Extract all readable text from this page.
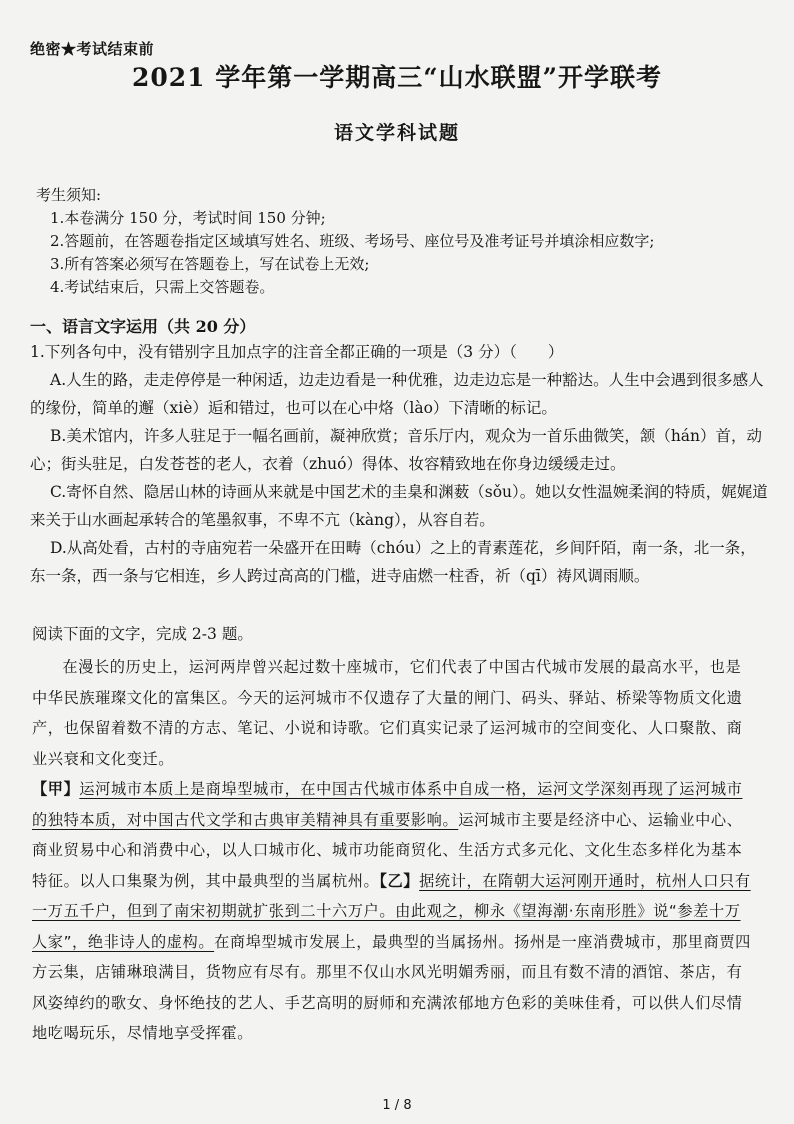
绝密★考试结束前
2021 学年第一学期高三“山水联盟”开学联考
语文学科试题
考生须知:
1.本卷满分 150 分，考试时间 150 分钟;
2.答题前，在答题卷指定区域填写姓名、班级、考场号、座位号及准考证号并填涂相应数字;
3.所有答案必须写在答题卷上，写在试卷上无效;
4.考试结束后，只需上交答题卷。
一、语言文字运用（共 20 分）
1.下列各句中，没有错别字且加点字的注音全都正确的一项是（3 分）（　　）
A.人生的路，走走停停是一种闲适，边走边看是一种优雅，边走边忘是一种豁达。人生中会遇到很多感人的缘份，简单的邂（xiè）逅和错过，也可以在心中烙（lào）下清晰的标记。
B.美术馆内，许多人驻足于一幅名画前，凝神欣赏；音乐厅内，观众为一首乐曲微笑，颔（hán）首，动心；街头驻足，白发苍苍的老人，衣着（zhuó）得体、妆容精致地在你身边缓缓走过。
C.寄怀自然、隐居山林的诗画从来就是中国艺术的圭臬和渊薮（sǒu）。她以女性温婉柔润的特质，娓娓道来关于山水画起承转合的笔墨叙事，不卑不亢（kàng），从容自若。
D.从高处看，古村的寺庙宛若一朵盛开在田畴（chóu）之上的青素莲花，乡间阡陌，南一条，北一条，东一条，西一条与它相连，乡人跨过高高的门槛，进寺庙燃一柱香，祈（qī）祷风调雨顺。
阅读下面的文字，完成 2-3 题。

在漫长的历史上，运河两岸曾兴起过数十座城市，它们代表了中国古代城市发展的最高水平，也是中华民族璀璨文化的富集区。今天的运河城市不仅遗存了大量的闸门、码头、驿站、桥梁等物质文化遗产，也保留着数不清的方志、笔记、小说和诗歌。它们真实记录了运河城市的空间变化、人口聚散、商业兴衰和文化变迁。

【甲】运河城市本质上是商埠型城市，在中国古代城市体系中自成一格，运河文学深刻再现了运河城市的独特本质，对中国古代文学和古典审美精神具有重要影响。运河城市主要是经济中心、运输业中心、商业贸易中心和消费中心，以人口城市化、城市功能商贸化、生活方式多元化、文化生态多样化为基本特征。以人口集聚为例，其中最典型的当属杭州。【乙】据统计，在隋朝大运河刚开通时，杭州人口只有一万五千户，但到了南宋初期就扩张到二十六万户。由此观之，柳永《望海潮·东南形胜》说“参差十万人家”，绝非诗人的虚构。在商埠型城市发展上，最典型的当属扬州。扬州是一座消费城市，那里商贾四方云集，店铺琳琅满目，货物应有尽有。那里不仅山水风光明媚秀丽，而且有数不清的酒馆、茶店，有风姿绰约的歌女、身怀绝技的艺人、手艺高明的厨师和充满浓郁地方色彩的美味佳肴，可以供人们尽情地吃喝玩乐，尽情地享受挥霍。

1 / 8
